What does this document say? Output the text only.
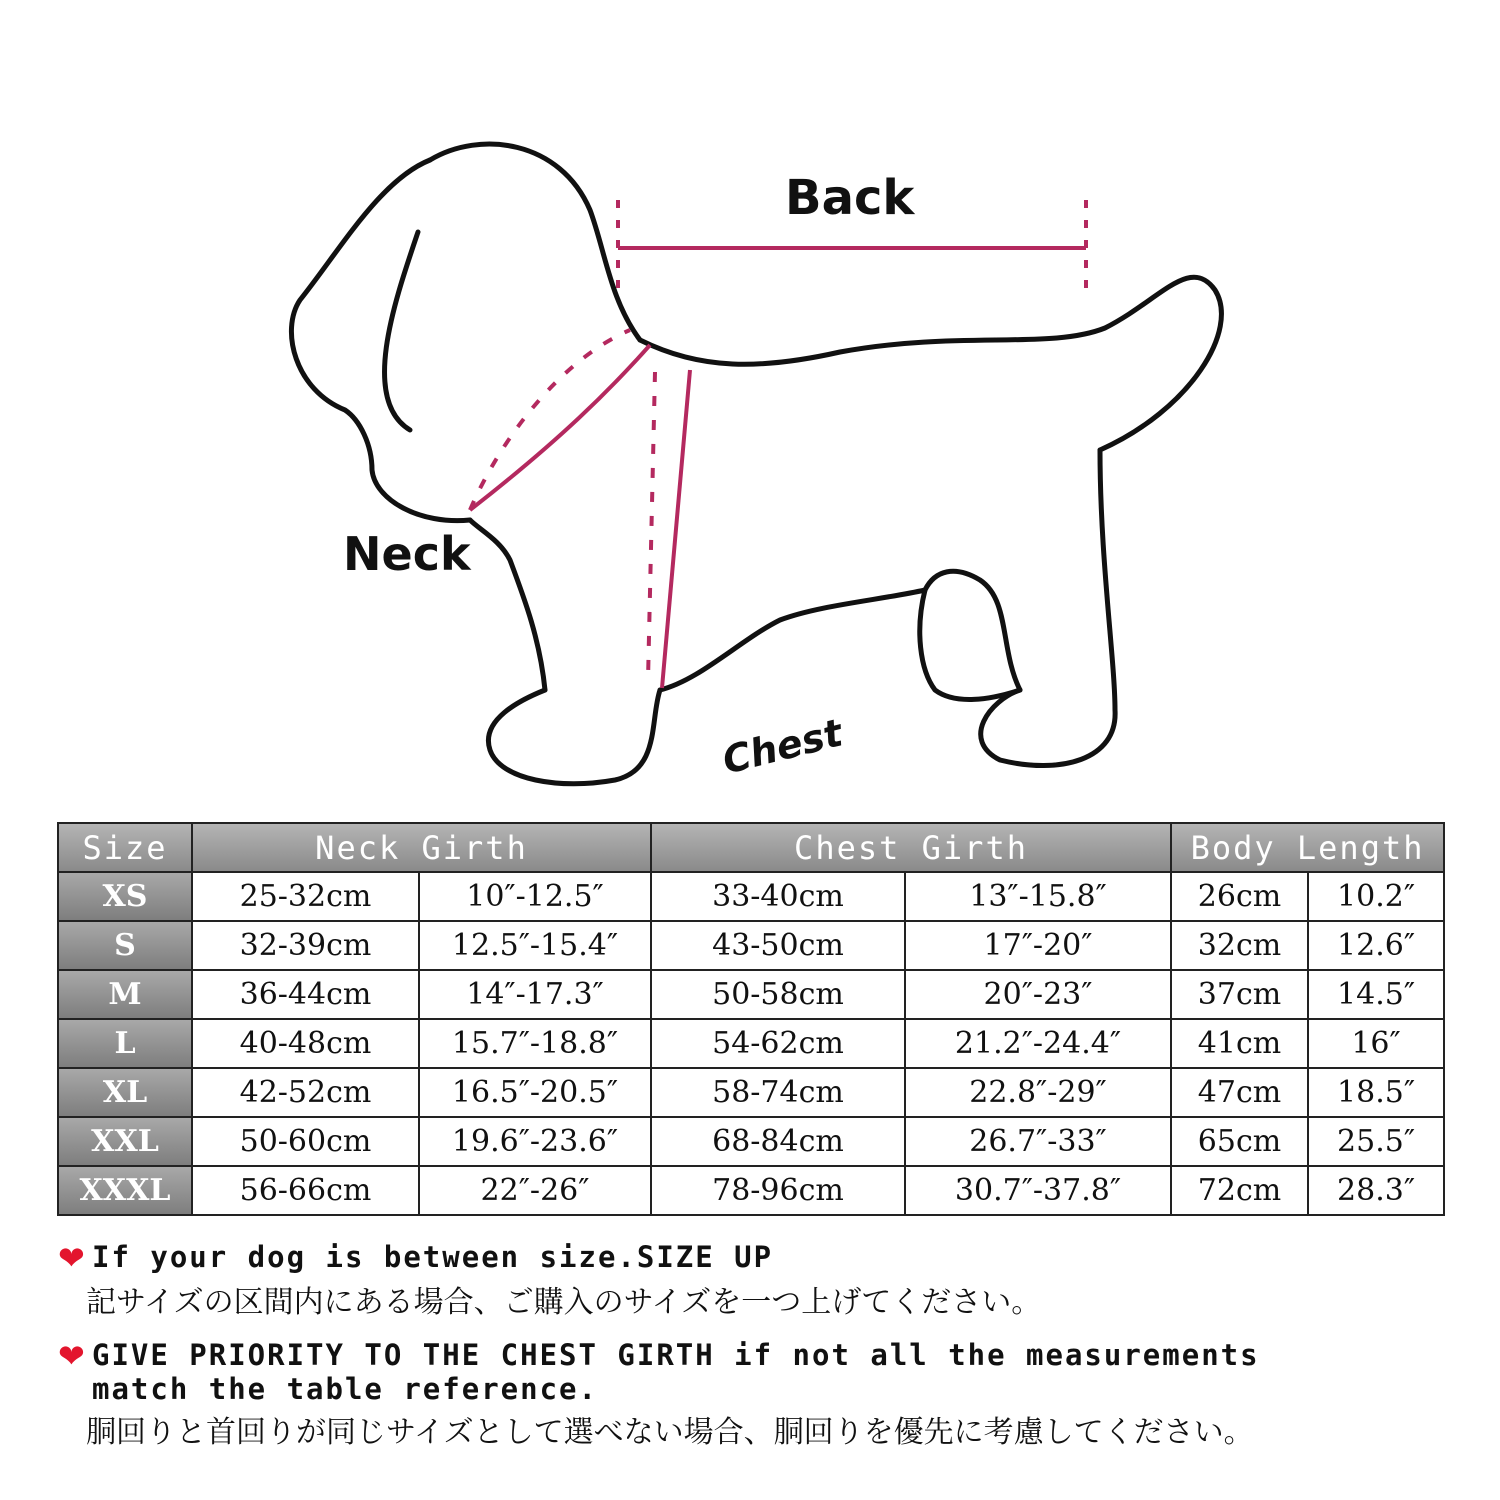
Back
Neck
Chest
Size	Neck Girth		Chest Girth		Body Length	
XS	25-32cm	10″-12.5″	33-40cm	13″-15.8″	26cm	10.2″
S	32-39cm	12.5″-15.4″	43-50cm	17″-20″	32cm	12.6″
M	36-44cm	14″-17.3″	50-58cm	20″-23″	37cm	14.5″
L	40-48cm	15.7″-18.8″	54-62cm	21.2″-24.4″	41cm	16″
XL	42-52cm	16.5″-20.5″	58-74cm	22.8″-29″	47cm	18.5″
XXL	50-60cm	19.6″-23.6″	68-84cm	26.7″-33″	65cm	25.5″
XXXL	56-66cm	22″-26″	78-96cm	30.7″-37.8″	72cm	28.3″
❤ If your dog is between size.SIZE UP
記サイズの区間内にある場合、ご購入のサイズを一つ上げてください。
❤ GIVE PRIORITY TO THE CHEST GIRTH if not all the measurements match the table reference.
胴回りと首回りが同じサイズとして選べない場合、胴回りを優先に考慮してください。
